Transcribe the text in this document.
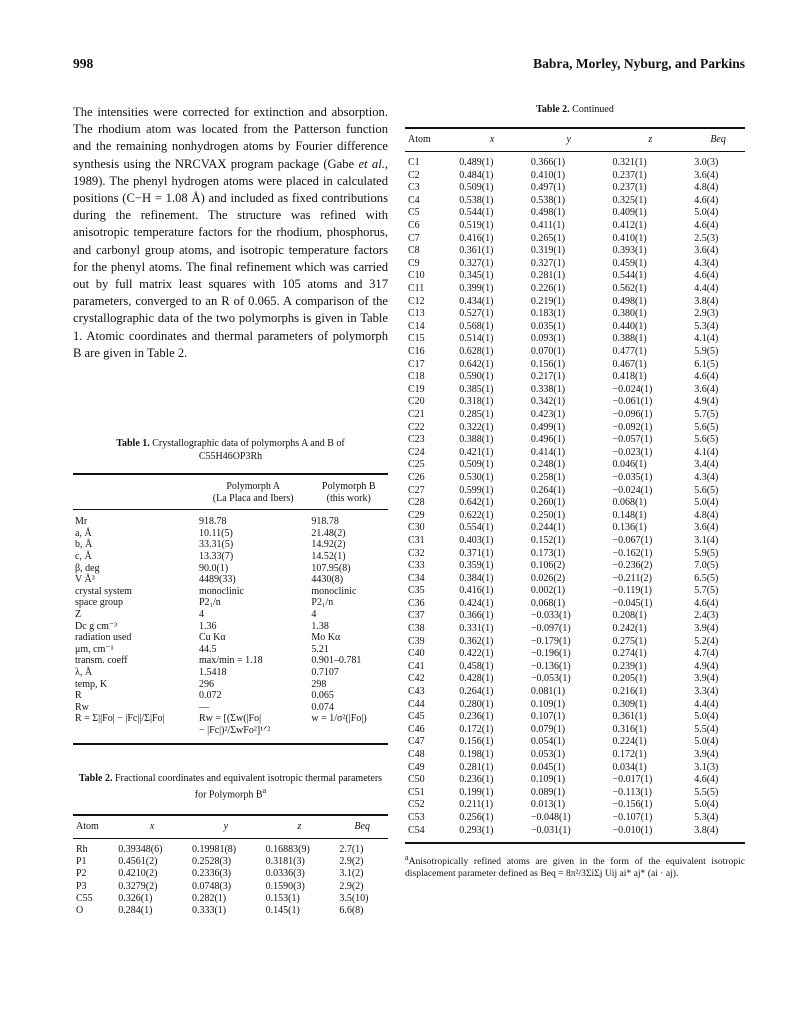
998	Babra, Morley, Nyburg, and Parkins

The intensities were corrected for extinction and absorption. The rhodium atom was located from the Patterson function and the remaining nonhydrogen atoms by Fourier difference synthesis using the NRCVAX program package (Gabe et al., 1989). The phenyl hydrogen atoms were placed in calculated positions (C−H = 1.08 Å) and included as fixed contributions during the refinement. The structure was refined with anisotropic temperature factors for the rhodium, phosphorus, and carbonyl group atoms, and isotropic temperature factors for the phenyl atoms. The final refinement which was carried out by full matrix least squares with 105 atoms and 317 parameters, converged to an R of 0.065. A comparison of the crystallographic data of the two polymorphs is given in Table 1. Atomic coordinates and thermal parameters of polymorph B are given in Table 2.

Table 1. Crystallographic data of polymorphs A and B of
C55H46OP3Rh
	Polymorph A	Polymorph B
	(La Placa and Ibers)	(this work)
Mr	918.78	918.78
a, Å	10.11(5)	21.48(2)
b, Å	33.31(5)	14.92(2)
c, Å	13.33(7)	14.52(1)
β, deg	90.0(1)	107.95(8)
V Å³	4489(33)	4430(8)
crystal system	monoclinic	monoclinic
space group	P2₁/n	P2₁/n
Z	4	4
Dc g cm⁻³	1.36	1.38
radiation used	Cu Kα	Mo Kα
μm, cm⁻¹	44.5	5.21
transm. coeff	max/min = 1.18	0.901–0.781
λ, Å	1.5418	0.7107
temp, K	296	298
R	0.072	0.065
Rw	—	0.074
R = Σ||Fo| − |Fc||/Σ|Fo|	Rw = [(Σw(|Fo|	w = 1/σ²(|Fo|)
	− |Fc|)²/ΣwFo²]¹ᐟ²	

Table 2. Fractional coordinates and equivalent isotropic thermal parameters for Polymorph $B^a$
Atom	x	y	z	Beq
Rh	0.39348(6)	0.19981(8)	0.16883(9)	2.7(1)
P1	0.4561(2)	0.2528(3)	0.3181(3)	2.9(2)
P2	0.4210(2)	0.2336(3)	0.0336(3)	3.1(2)
P3	0.3279(2)	0.0748(3)	0.1590(3)	2.9(2)
C55	0.326(1)	0.282(1)	0.153(1)	3.5(10)
O	0.284(1)	0.333(1)	0.145(1)	6.6(8)
Table 2. Continued
Atom	x	y	z	Beq
C1	0.489(1)	0.366(1)	0.321(1)	3.0(3)
C2	0.484(1)	0.410(1)	0.237(1)	3.6(4)
C3	0.509(1)	0.497(1)	0.237(1)	4.8(4)
C4	0.538(1)	0.538(1)	0.325(1)	4.6(4)
C5	0.544(1)	0.498(1)	0.409(1)	5.0(4)
C6	0.519(1)	0.411(1)	0.412(1)	4.6(4)
C7	0.416(1)	0.265(1)	0.410(1)	2.5(3)
C8	0.361(1)	0.319(1)	0.393(1)	3.6(4)
C9	0.327(1)	0.327(1)	0.459(1)	4.3(4)
C10	0.345(1)	0.281(1)	0.544(1)	4.6(4)
C11	0.399(1)	0.226(1)	0.562(1)	4.4(4)
C12	0.434(1)	0.219(1)	0.498(1)	3.8(4)
C13	0.527(1)	0.183(1)	0.380(1)	2.9(3)
C14	0.568(1)	0.035(1)	0.440(1)	5.3(4)
C15	0.514(1)	0.093(1)	0.388(1)	4.1(4)
C16	0.628(1)	0.070(1)	0.477(1)	5.9(5)
C17	0.642(1)	0.156(1)	0.467(1)	6.1(5)
C18	0.590(1)	0.217(1)	0.418(1)	4.6(4)
C19	0.385(1)	0.338(1)	−0.024(1)	3.6(4)
C20	0.318(1)	0.342(1)	−0.061(1)	4.9(4)
C21	0.285(1)	0.423(1)	−0.096(1)	5.7(5)
C22	0.322(1)	0.499(1)	−0.092(1)	5.6(5)
C23	0.388(1)	0.496(1)	−0.057(1)	5.6(5)
C24	0.421(1)	0.414(1)	−0.023(1)	4.1(4)
C25	0.509(1)	0.248(1)	0.046(1)	3.4(4)
C26	0.530(1)	0.258(1)	−0.035(1)	4.3(4)
C27	0.599(1)	0.264(1)	−0.024(1)	5.6(5)
C28	0.642(1)	0.260(1)	0.068(1)	5.0(4)
C29	0.622(1)	0.250(1)	0.148(1)	4.8(4)
C30	0.554(1)	0.244(1)	0.136(1)	3.6(4)
C31	0.403(1)	0.152(1)	−0.067(1)	3.1(4)
C32	0.371(1)	0.173(1)	−0.162(1)	5.9(5)
C33	0.359(1)	0.106(2)	−0.236(2)	7.0(5)
C34	0.384(1)	0.026(2)	−0.211(2)	6.5(5)
C35	0.416(1)	0.002(1)	−0.119(1)	5.7(5)
C36	0.424(1)	0.068(1)	−0.045(1)	4.6(4)
C37	0.366(1)	−0.033(1)	0.208(1)	2.4(3)
C38	0.331(1)	−0.097(1)	0.242(1)	3.9(4)
C39	0.362(1)	−0.179(1)	0.275(1)	5.2(4)
C40	0.422(1)	−0.196(1)	0.274(1)	4.7(4)
C41	0.458(1)	−0.136(1)	0.239(1)	4.9(4)
C42	0.428(1)	−0.053(1)	0.205(1)	3.9(4)
C43	0.264(1)	0.081(1)	0.216(1)	3.3(4)
C44	0.280(1)	0.109(1)	0.309(1)	4.4(4)
C45	0.236(1)	0.107(1)	0.361(1)	5.0(4)
C46	0.172(1)	0.079(1)	0.316(1)	5.5(4)
C47	0.156(1)	0.054(1)	0.224(1)	5.0(4)
C48	0.198(1)	0.053(1)	0.172(1)	3.9(4)
C49	0.281(1)	0.045(1)	0.034(1)	3.1(3)
C50	0.236(1)	0.109(1)	−0.017(1)	4.6(4)
C51	0.199(1)	0.089(1)	−0.113(1)	5.5(5)
C52	0.211(1)	0.013(1)	−0.156(1)	5.0(4)
C53	0.256(1)	−0.048(1)	−0.107(1)	5.3(4)
C54	0.293(1)	−0.031(1)	−0.010(1)	3.8(4)

$^a$Anisotropically refined atoms are given in the form of the equivalent isotropic displacement parameter defined as Beq = 8π²/3ΣiΣj Uij ai* aj* (ai · aj).
